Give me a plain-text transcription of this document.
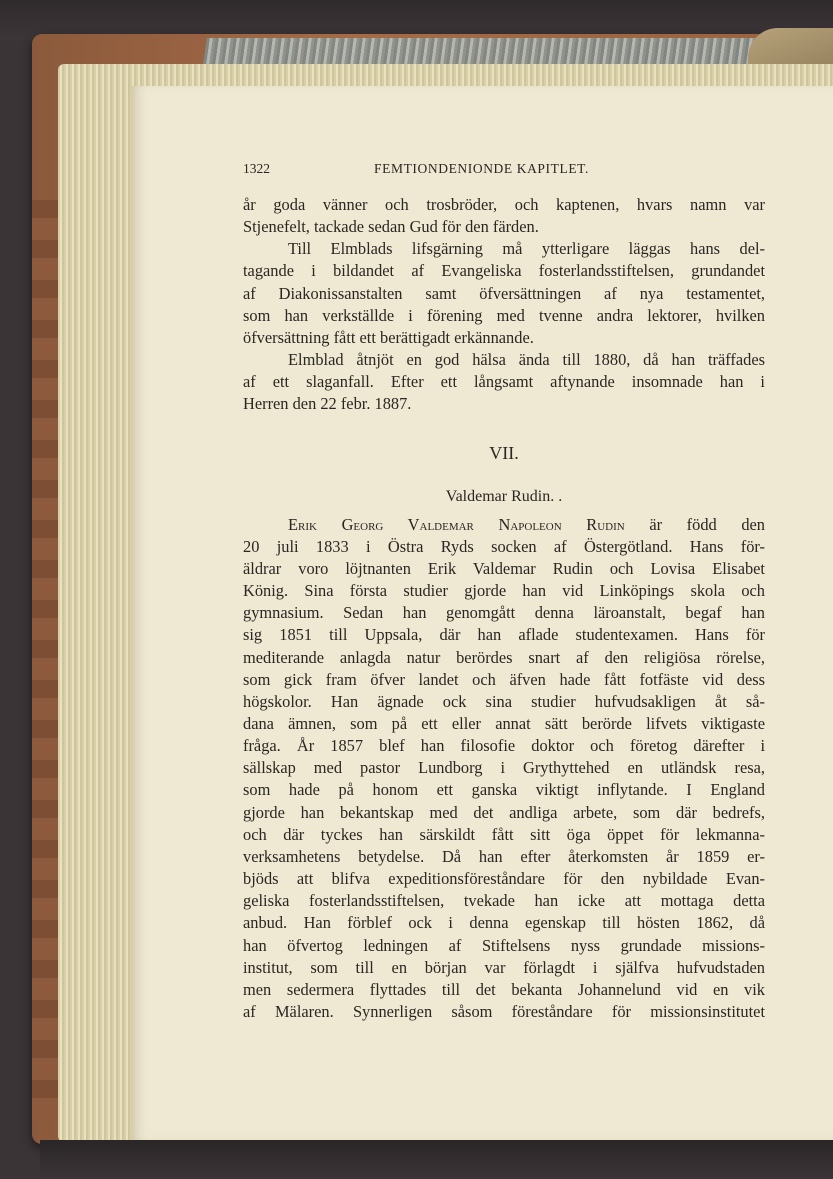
1322	FEMTIONDENIONDE KAPITLET.

år goda vänner och trosbröder, och kaptenen, hvars namn var

Stjenefelt, tackade sedan Gud för den färden.

Till Elmblads lifsgärning må ytterligare läggas hans del-

tagande i bildandet af Evangeliska fosterlandsstiftelsen, grundandet

af Diakonissanstalten samt öfversättningen af nya testamentet,

som han verkställde i förening med tvenne andra lektorer, hvilken

öfversättning fått ett berättigadt erkännande.

Elmblad åtnjöt en god hälsa ända till 1880, då han träffades

af ett slaganfall. Efter ett långsamt aftynande insomnade han i

Herren den 22 febr. 1887.

VII.
Valdemar Rudin. .

Erik Georg Valdemar Napoleon Rudin är född den

20 juli 1833 i Östra Ryds socken af Östergötland. Hans för-

äldrar voro löjtnanten Erik Valdemar Rudin och Lovisa Elisabet

König. Sina första studier gjorde han vid Linköpings skola och

gymnasium. Sedan han genomgått denna läroanstalt, begaf han

sig 1851 till Uppsala, där han aflade studentexamen. Hans för

mediterande anlagda natur berördes snart af den religiösa rörelse,

som gick fram öfver landet och äfven hade fått fotfäste vid dess

högskolor. Han ägnade ock sina studier hufvudsakligen åt så-

dana ämnen, som på ett eller annat sätt berörde lifvets viktigaste

fråga. År 1857 blef han filosofie doktor och företog därefter i

sällskap med pastor Lundborg i Grythyttehed en utländsk resa,

som hade på honom ett ganska viktigt inflytande. I England

gjorde han bekantskap med det andliga arbete, som där bedrefs,

och där tyckes han särskildt fått sitt öga öppet för lekmanna-

verksamhetens betydelse. Då han efter återkomsten år 1859 er-

bjöds att blifva expeditionsföreståndare för den nybildade Evan-

geliska fosterlandsstiftelsen, tvekade han icke att mottaga detta

anbud. Han förblef ock i denna egenskap till hösten 1862, då

han öfvertog ledningen af Stiftelsens nyss grundade missions-

institut, som till en början var förlagdt i själfva hufvudstaden

men sedermera flyttades till det bekanta Johannelund vid en vik

af Mälaren. Synnerligen såsom föreståndare för missionsinstitutet
